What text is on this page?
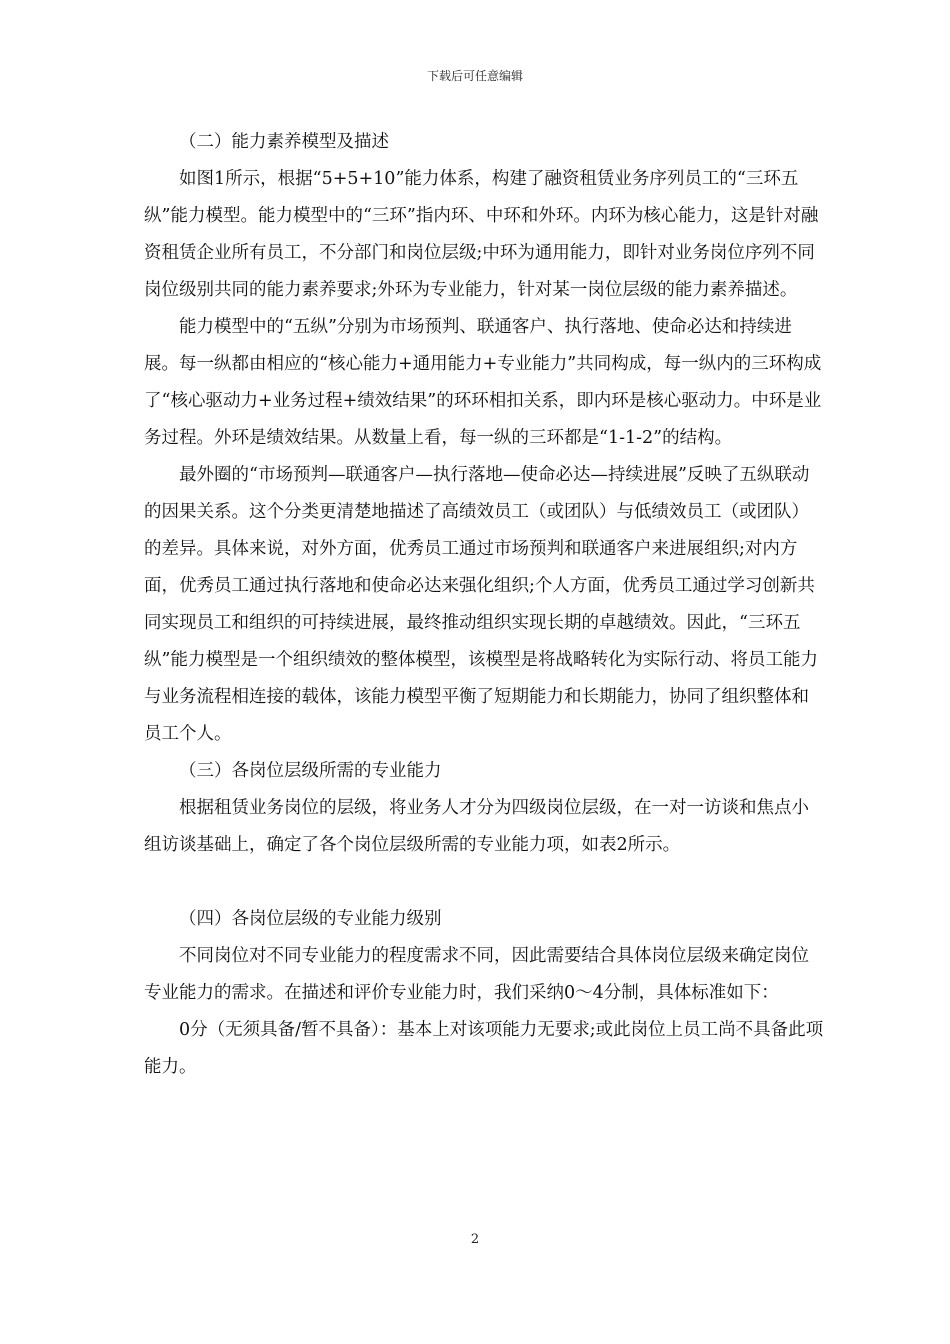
下载后可任意编辑

（二）能力素养模型及描述

如图1所示，根据“5+5+10”能力体系，构建了融资租赁业务序列员工的“三环五纵”能力模型。能力模型中的“三环”指内环、中环和外环。内环为核心能力，这是针对融资租赁企业所有员工，不分部门和岗位层级;中环为通用能力，即针对业务岗位序列不同岗位级别共同的能力素养要求;外环为专业能力，针对某一岗位层级的能力素养描述。

能力模型中的“五纵”分别为市场预判、联通客户、执行落地、使命必达和持续进展。每一纵都由相应的“核心能力+通用能力+专业能力”共同构成，每一纵内的三环构成了“核心驱动力+业务过程+绩效结果”的环环相扣关系，即内环是核心驱动力。中环是业务过程。外环是绩效结果。从数量上看，每一纵的三环都是“1-1-2”的结构。

最外圈的“市场预判—联通客户—执行落地—使命必达—持续进展”反映了五纵联动的因果关系。这个分类更清楚地描述了高绩效员工（或团队）与低绩效员工（或团队）的差异。具体来说，对外方面，优秀员工通过市场预判和联通客户来进展组织;对内方面，优秀员工通过执行落地和使命必达来强化组织;个人方面，优秀员工通过学习创新共同实现员工和组织的可持续进展，最终推动组织实现长期的卓越绩效。因此，“三环五纵”能力模型是一个组织绩效的整体模型，该模型是将战略转化为实际行动、将员工能力与业务流程相连接的载体，该能力模型平衡了短期能力和长期能力，协同了组织整体和员工个人。

（三）各岗位层级所需的专业能力

根据租赁业务岗位的层级，将业务人才分为四级岗位层级，在一对一访谈和焦点小组访谈基础上，确定了各个岗位层级所需的专业能力项，如表2所示。

（四）各岗位层级的专业能力级别

不同岗位对不同专业能力的程度需求不同，因此需要结合具体岗位层级来确定岗位专业能力的需求。在描述和评价专业能力时，我们采纳0～4分制，具体标准如下：

0分（无须具备/暂不具备）：基本上对该项能力无要求;或此岗位上员工尚不具备此项能力。

2
